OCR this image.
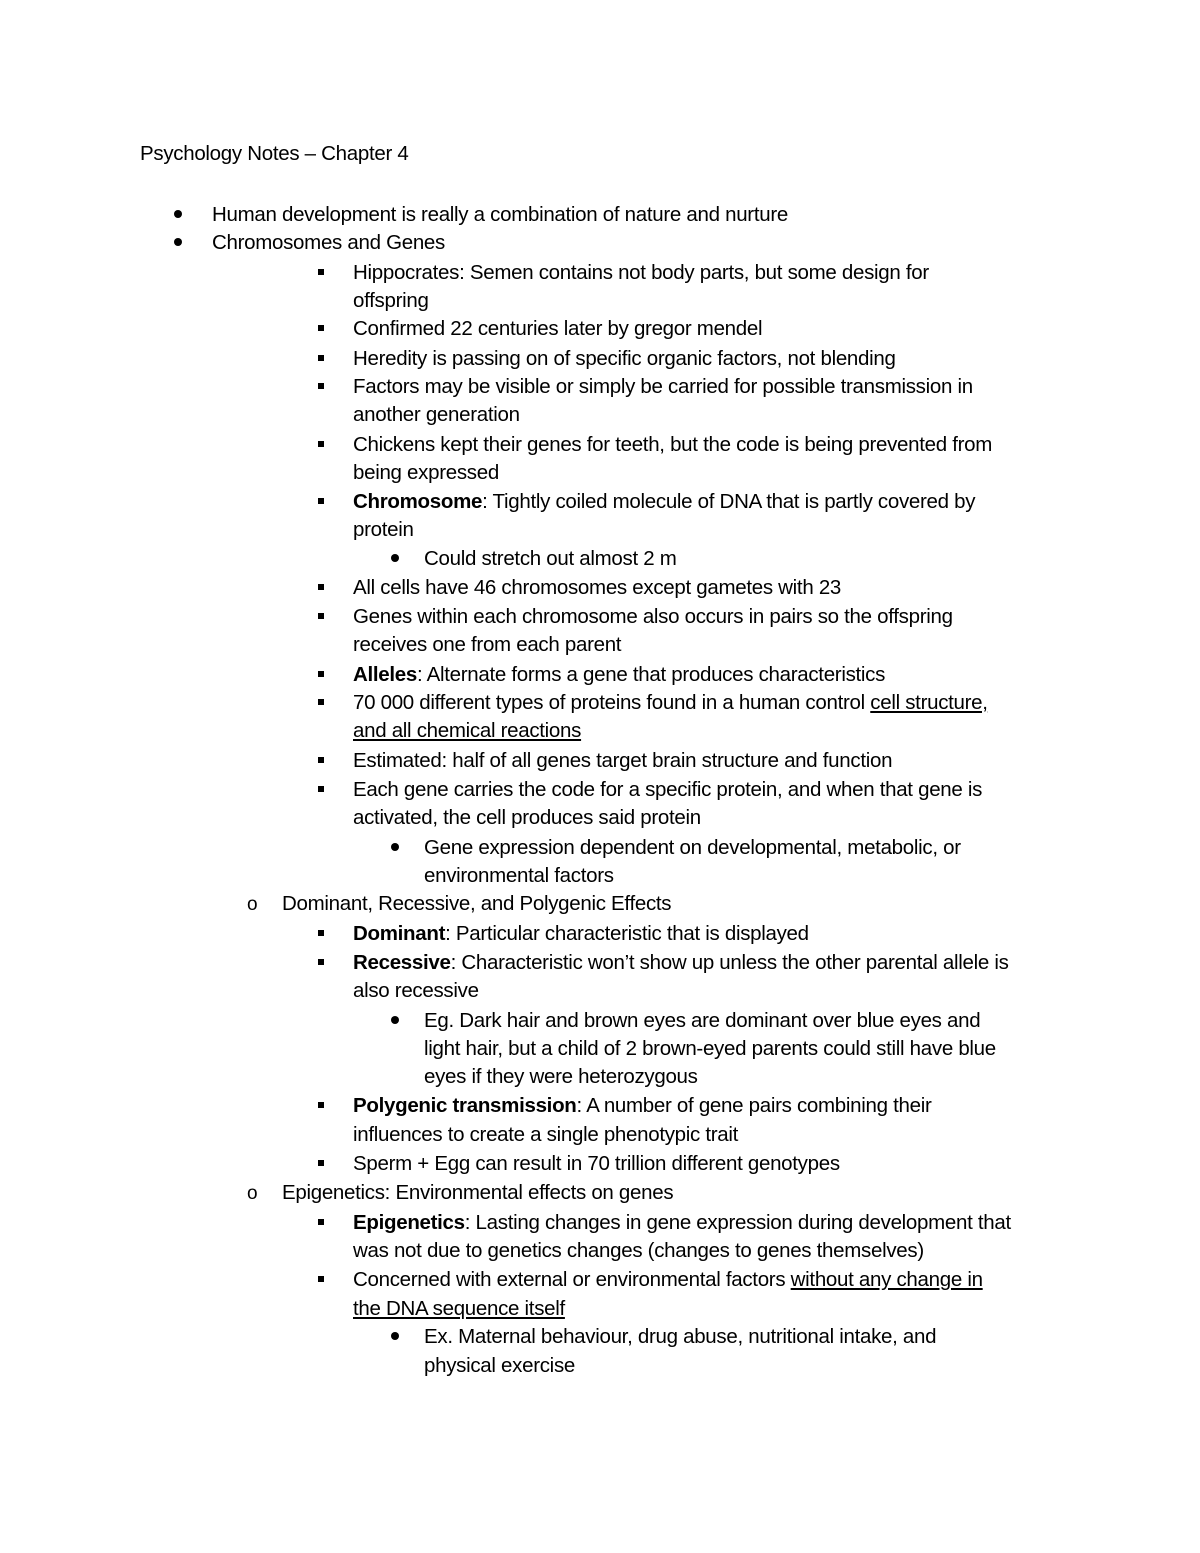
Psychology Notes – Chapter 4
Human development is really a combination of nature and nurture
Chromosomes and Genes
Hippocrates: Semen contains not body parts, but some design for
offspring
Confirmed 22 centuries later by gregor mendel
Heredity is passing on of specific organic factors, not blending
Factors may be visible or simply be carried for possible transmission in
another generation
Chickens kept their genes for teeth, but the code is being prevented from
being expressed
Chromosome: Tightly coiled molecule of DNA that is partly covered by
protein
Could stretch out almost 2 m
All cells have 46 chromosomes except gametes with 23
Genes within each chromosome also occurs in pairs so the offspring
receives one from each parent
Alleles: Alternate forms a gene that produces characteristics
70 000 different types of proteins found in a human control cell structure,
and all chemical reactions
Estimated: half of all genes target brain structure and function
Each gene carries the code for a specific protein, and when that gene is
activated, the cell produces said protein
Gene expression dependent on developmental, metabolic, or
environmental factors
o Dominant, Recessive, and Polygenic Effects
Dominant: Particular characteristic that is displayed
Recessive: Characteristic won’t show up unless the other parental allele is
also recessive
Eg. Dark hair and brown eyes are dominant over blue eyes and
light hair, but a child of 2 brown-eyed parents could still have blue
eyes if they were heterozygous
Polygenic transmission: A number of gene pairs combining their
influences to create a single phenotypic trait
Sperm + Egg can result in 70 trillion different genotypes
o Epigenetics: Environmental effects on genes
Epigenetics: Lasting changes in gene expression during development that
was not due to genetics changes (changes to genes themselves)
Concerned with external or environmental factors without any change in
the DNA sequence itself
Ex. Maternal behaviour, drug abuse, nutritional intake, and
physical exercise
